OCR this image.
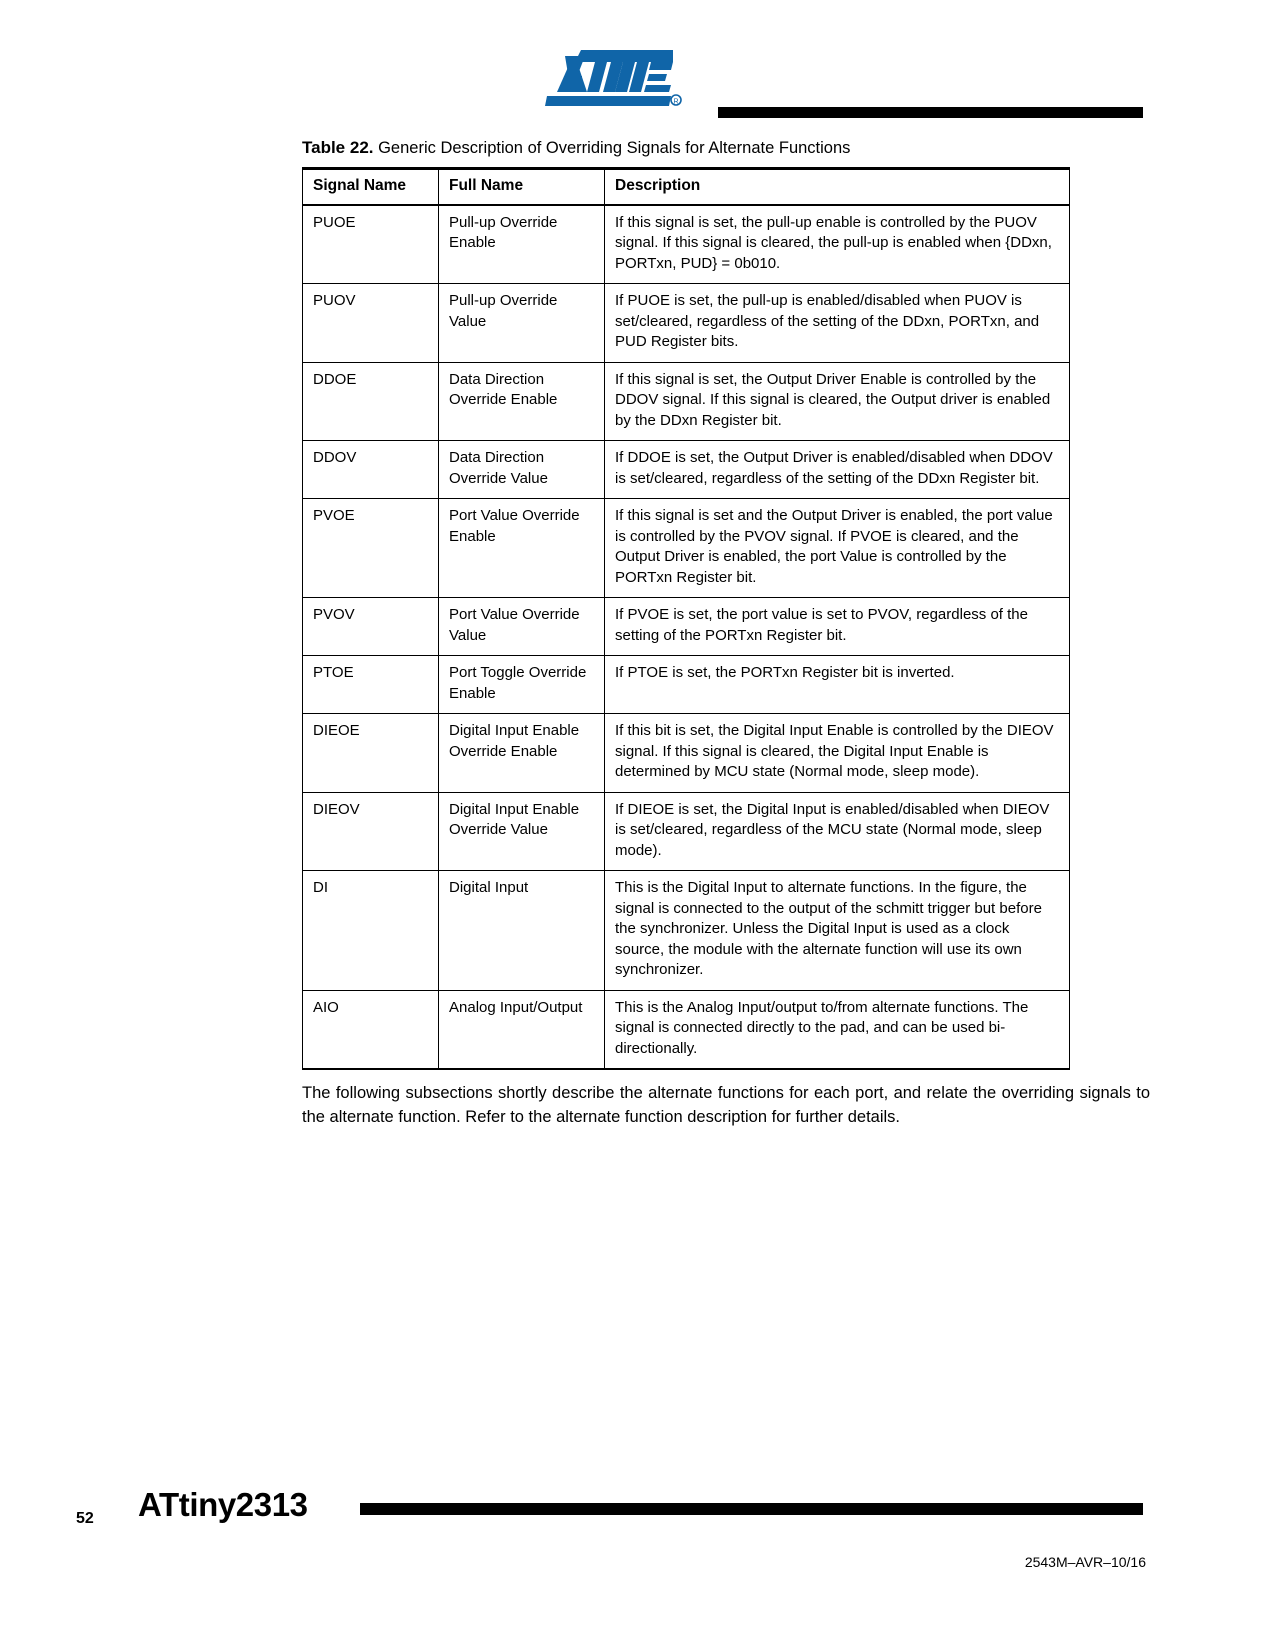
R
Table 22. Generic Description of Overriding Signals for Alternate Functions
Signal Name	Full Name	Description
PUOE	Pull-up Override Enable	If this signal is set, the pull-up enable is controlled by the PUOV signal. If this signal is cleared, the pull-up is enabled when {DDxn, PORTxn, PUD} = 0b010.
PUOV	Pull-up Override Value	If PUOE is set, the pull-up is enabled/disabled when PUOV is set/cleared, regardless of the setting of the DDxn, PORTxn, and PUD Register bits.
DDOE	Data Direction Override Enable	If this signal is set, the Output Driver Enable is controlled by the DDOV signal. If this signal is cleared, the Output driver is enabled by the DDxn Register bit.
DDOV	Data Direction Override Value	If DDOE is set, the Output Driver is enabled/disabled when DDOV is set/cleared, regardless of the setting of the DDxn Register bit.
PVOE	Port Value Override Enable	If this signal is set and the Output Driver is enabled, the port value is controlled by the PVOV signal. If PVOE is cleared, and the Output Driver is enabled, the port Value is controlled by the PORTxn Register bit.
PVOV	Port Value Override Value	If PVOE is set, the port value is set to PVOV, regardless of the setting of the PORTxn Register bit.
PTOE	Port Toggle Override Enable	If PTOE is set, the PORTxn Register bit is inverted.
DIEOE	Digital Input Enable Override Enable	If this bit is set, the Digital Input Enable is controlled by the DIEOV signal. If this signal is cleared, the Digital Input Enable is determined by MCU state (Normal mode, sleep mode).
DIEOV	Digital Input Enable Override Value	If DIEOE is set, the Digital Input is enabled/disabled when DIEOV is set/cleared, regardless of the MCU state (Normal mode, sleep mode).
DI	Digital Input	This is the Digital Input to alternate functions. In the figure, the signal is connected to the output of the schmitt trigger but before the synchronizer. Unless the Digital Input is used as a clock source, the module with the alternate function will use its own synchronizer.
AIO	Analog Input/Output	This is the Analog Input/output to/from alternate functions. The signal is connected directly to the pad, and can be used bi-directionally.

The following subsections shortly describe the alternate functions for each port, and relate the overriding signals to the alternate function. Refer to the alternate function description for further details.

52 ATtiny2313
2543M–AVR–10/16
